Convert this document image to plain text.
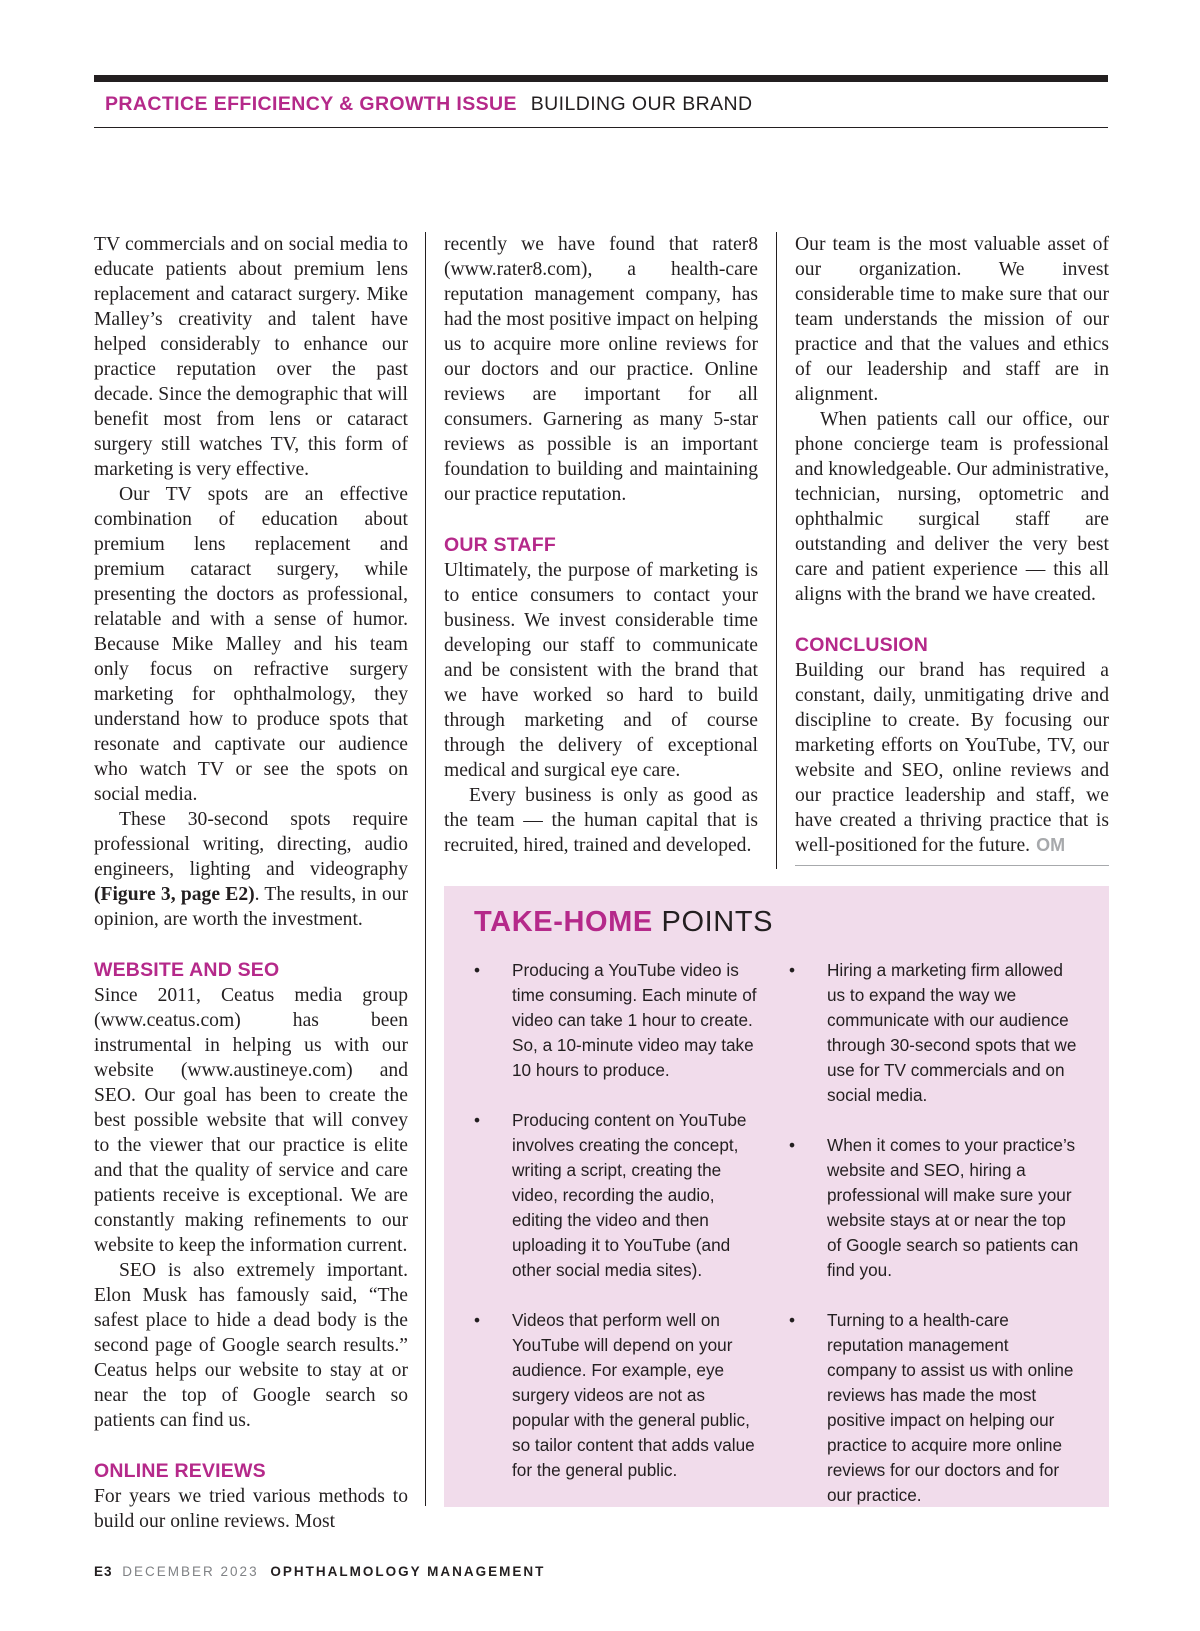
PRACTICE EFFICIENCY & GROWTH ISSUE BUILDING OUR BRAND

TV commercials and on social media to educate patients about premium lens replacement and cataract surgery. Mike Malley’s creativity and talent have helped considerably to enhance our practice reputation over the past decade. Since the demographic that will benefit most from lens or cataract surgery still watches TV, this form of marketing is very effective.

Our TV spots are an effective combination of education about premium lens replacement and premium cataract surgery, while presenting the doctors as professional, relatable and with a sense of humor. Because Mike Malley and his team only focus on refractive surgery marketing for ophthalmology, they understand how to produce spots that resonate and captivate our audience who watch TV or see the spots on social media.

These 30-second spots require professional writing, directing, audio engineers, lighting and videography (Figure 3, page E2). The results, in our opinion, are worth the investment.

WEBSITE AND SEO

Since 2011, Ceatus media group (www.ceatus.com) has been instrumental in helping us with our website (www.austineye.com) and SEO. Our goal has been to create the best possible website that will convey to the viewer that our practice is elite and that the quality of service and care patients receive is exceptional. We are constantly making refinements to our website to keep the information current.

SEO is also extremely important. Elon Musk has famously said, “The safest place to hide a dead body is the second page of Google search results.” Ceatus helps our website to stay at or near the top of Google search so patients can find us.

ONLINE REVIEWS

For years we tried various methods to build our online reviews. Most

recently we have found that rater8 (www.rater8.com), a health-care reputation management company, has had the most positive impact on helping us to acquire more online reviews for our doctors and our practice. Online reviews are important for all consumers. Garnering as many 5-star reviews as possible is an important foundation to building and maintaining our practice reputation.

OUR STAFF

Ultimately, the purpose of marketing is to entice consumers to contact your business. We invest considerable time developing our staff to communicate and be consistent with the brand that we have worked so hard to build through marketing and of course through the delivery of exceptional medical and surgical eye care.

Every business is only as good as the team — the human capital that is recruited, hired, trained and developed.

Our team is the most valuable asset of our organization. We invest considerable time to make sure that our team understands the mission of our practice and that the values and ethics of our leadership and staff are in alignment.

When patients call our office, our phone concierge team is professional and knowledgeable. Our administrative, technician, nursing, optometric and ophthalmic surgical staff are outstanding and deliver the very best care and patient experience — this all aligns with the brand we have created.

CONCLUSION

Building our brand has required a constant, daily, unmitigating drive and discipline to create. By focusing our marketing efforts on YouTube, TV, our website and SEO, online reviews and our practice leadership and staff, we have created a thriving practice that is well-positioned for the future. OM

TAKE-HOME POINTS
• Producing a YouTube video is time consuming. Each minute of video can take 1 hour to create. So, a 10-minute video may take 10 hours to produce.
• Producing content on YouTube involves creating the concept, writing a script, creating the video, recording the audio, editing the video and then uploading it to YouTube (and other social media sites).
• Videos that perform well on YouTube will depend on your audience. For example, eye surgery videos are not as popular with the general public, so tailor content that adds value for the general public.
• Hiring a marketing firm allowed us to expand the way we communicate with our audience through 30-second spots that we use for TV commercials and on social media.
• When it comes to your practice’s website and SEO, hiring a professional will make sure your website stays at or near the top of Google search so patients can find you.
• Turning to a health-care reputation management company to assist us with online reviews has made the most positive impact on helping our practice to acquire more online reviews for our doctors and for our practice.
E3 DECEMBER 2023 OPHTHALMOLOGY MANAGEMENT
